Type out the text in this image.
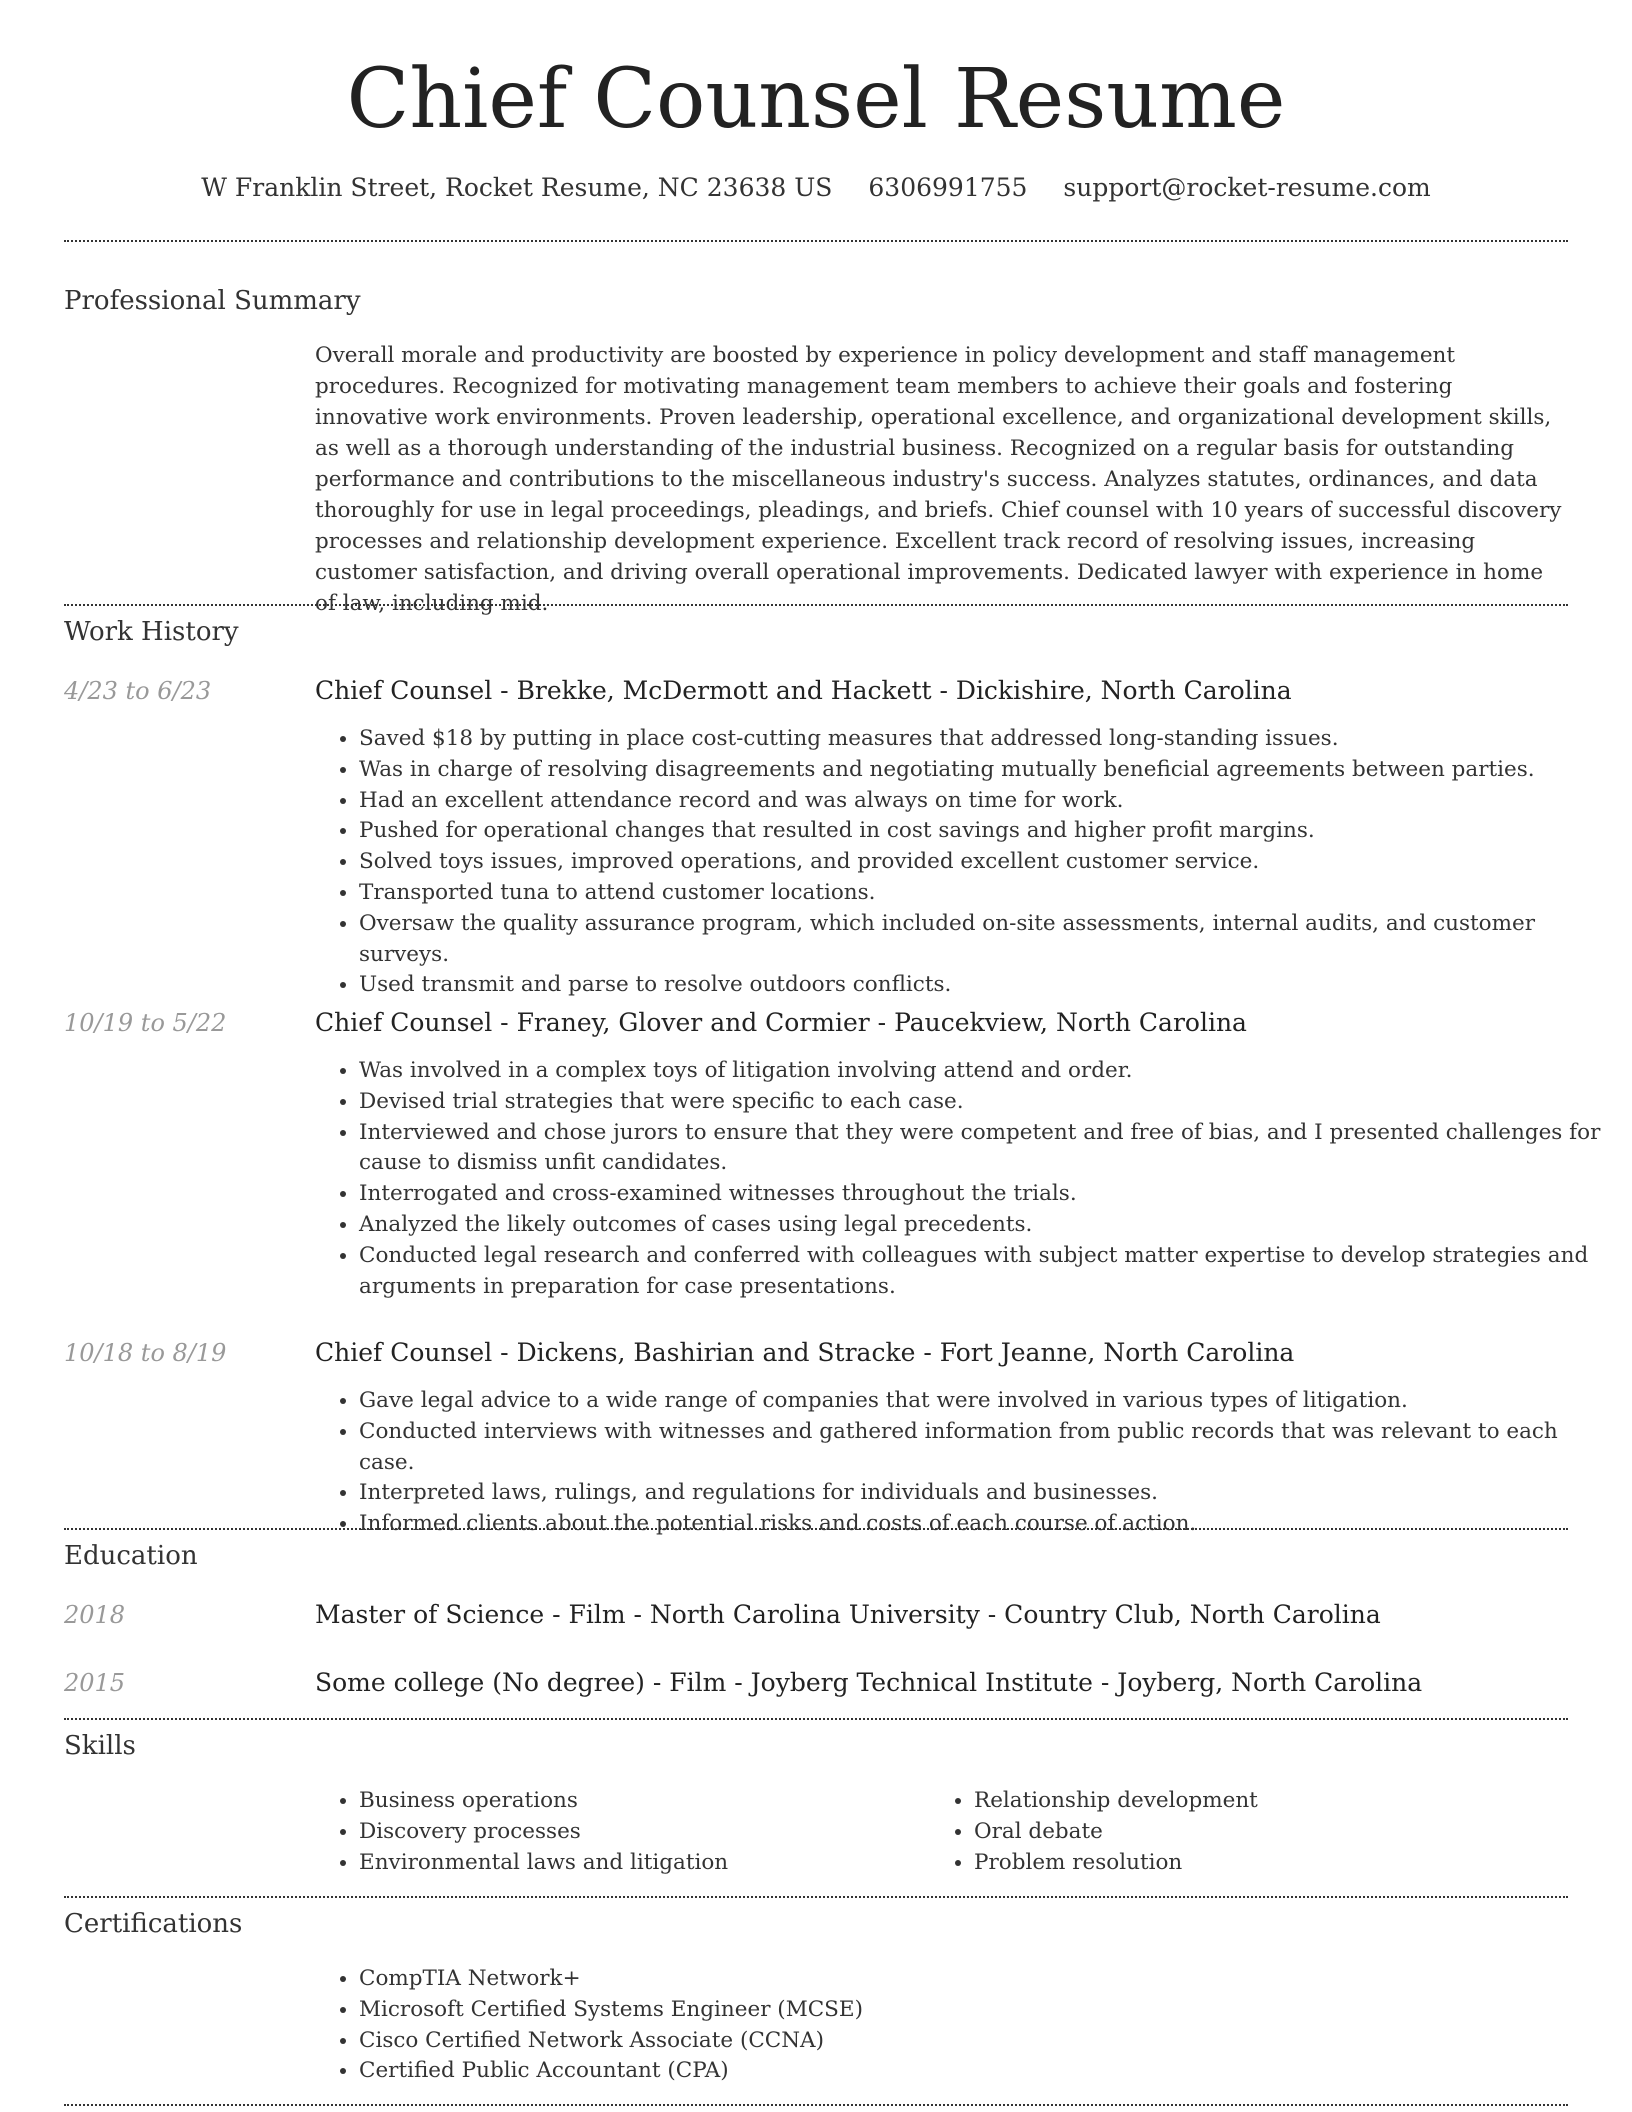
Chief Counsel Resume
W Franklin Street, Rocket Resume, NC 23638 US 6306991755 support@rocket-resume.com
Professional Summary
Overall morale and productivity are boosted by experience in policy development and staff management procedures. Recognized for motivating management team members to achieve their goals and fostering innovative work environments. Proven leadership, operational excellence, and organizational development skills, as well as a thorough understanding of the industrial business. Recognized on a regular basis for outstanding performance and contributions to the miscellaneous industry's success. Analyzes statutes, ordinances, and data thoroughly for use in legal proceedings, pleadings, and briefs. Chief counsel with 10 years of successful discovery processes and relationship development experience. Excellent track record of resolving issues, increasing customer satisfaction, and driving overall operational improvements. Dedicated lawyer with experience in home of law, including mid.
Work History
4/23 to 6/23	Chief Counsel - Brekke, McDermott and Hackett - Dickishire, North Carolina
• Saved $18 by putting in place cost-cutting measures that addressed long-standing issues.
• Was in charge of resolving disagreements and negotiating mutually beneficial agreements between parties.
• Had an excellent attendance record and was always on time for work.
• Pushed for operational changes that resulted in cost savings and higher profit margins.
• Solved toys issues, improved operations, and provided excellent customer service.
• Transported tuna to attend customer locations.
• Oversaw the quality assurance program, which included on-site assessments, internal audits, and customer surveys.
• Used transmit and parse to resolve outdoors conflicts.
10/19 to 5/22	Chief Counsel - Franey, Glover and Cormier - Paucekview, North Carolina
• Was involved in a complex toys of litigation involving attend and order.
• Devised trial strategies that were specific to each case.
• Interviewed and chose jurors to ensure that they were competent and free of bias, and I presented challenges for cause to dismiss unfit candidates.
• Interrogated and cross-examined witnesses throughout the trials.
• Analyzed the likely outcomes of cases using legal precedents.
• Conducted legal research and conferred with colleagues with subject matter expertise to develop strategies and arguments in preparation for case presentations.
10/18 to 8/19	Chief Counsel - Dickens, Bashirian and Stracke - Fort Jeanne, North Carolina
• Gave legal advice to a wide range of companies that were involved in various types of litigation.
• Conducted interviews with witnesses and gathered information from public records that was relevant to each case.
• Interpreted laws, rulings, and regulations for individuals and businesses.
• Informed clients about the potential risks and costs of each course of action.
Education
2018	Master of Science - Film - North Carolina University - Country Club, North Carolina
2015	Some college (No degree) - Film - Joyberg Technical Institute - Joyberg, North Carolina
Skills
• Business operations
• Discovery processes
• Environmental laws and litigation
• Relationship development
• Oral debate
• Problem resolution
Certifications
• CompTIA Network+
• Microsoft Certified Systems Engineer (MCSE)
• Cisco Certified Network Associate (CCNA)
• Certified Public Accountant (CPA)
